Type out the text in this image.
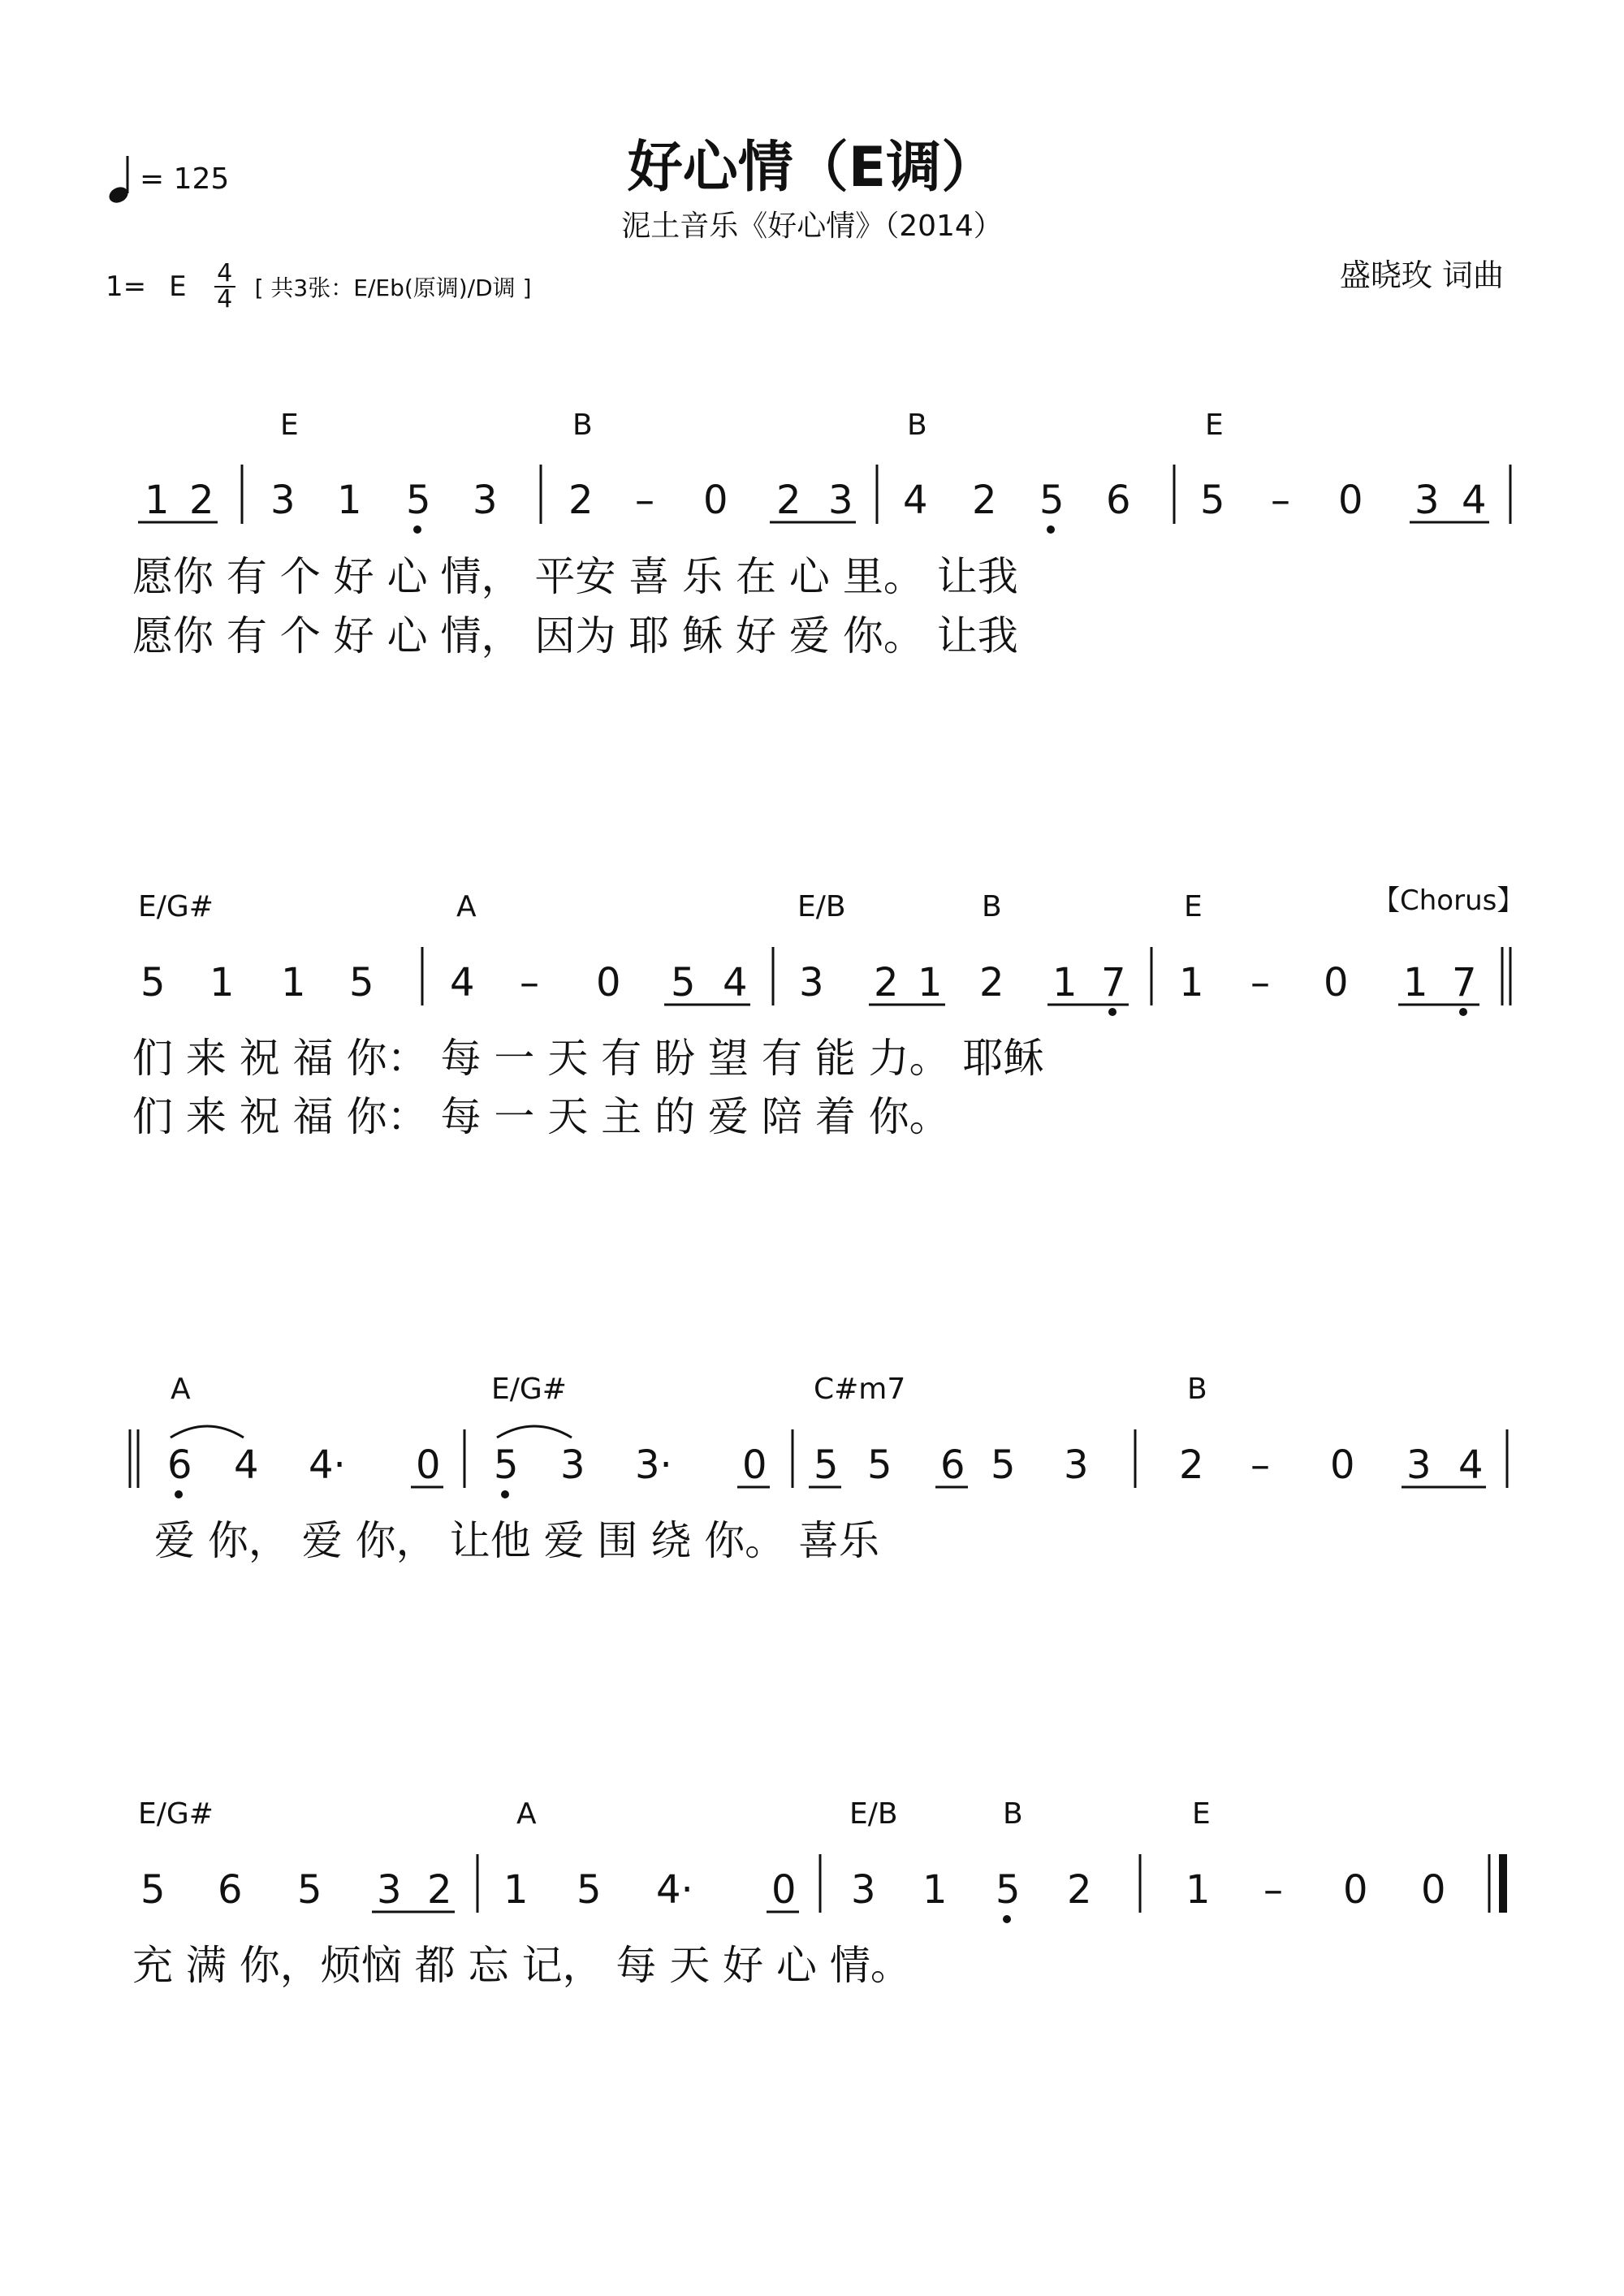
好心情（E调）
泥土音乐《好心情》（2014）
= 125
1= E 4
4 [ 共3张：E/Eb(原调)/D调 ]	盛晓玫 词曲
E	B	B	E
1 2 3 1 5 3 2 – 0 2 3 4 2 5 6 5 – 0 3 4
愿你 有 个 好 心 情， 平安 喜 乐 在 心 里。 让我
愿你 有 个 好 心 情， 因为 耶 稣 好 爱 你。 让我
E/G#	A	E/B	B	E	【Chorus】
5 1 1 5 4 – 0 5 4 3 2 1 2 1 7 1 – 0 1 7
们 来 祝 福 你： 每 一 天 有 盼 望 有 能 力。 耶稣
们 来 祝 福 你： 每 一 天 主 的 爱 陪 着 你。
A	E/G#	C#m7	B
6 4 4· 0 5 3 3· 0 5 5 6 5 3 2 – 0 3 4
爱 你， 爱 你， 让他 爱 围 绕 你。 喜乐
E/G#	A	E/B	B	E
5 6 5 3 2 1 5 4· 0 3 1 5 2 1 – 0 0
充 满 你，烦恼 都 忘 记， 每 天 好 心 情。
